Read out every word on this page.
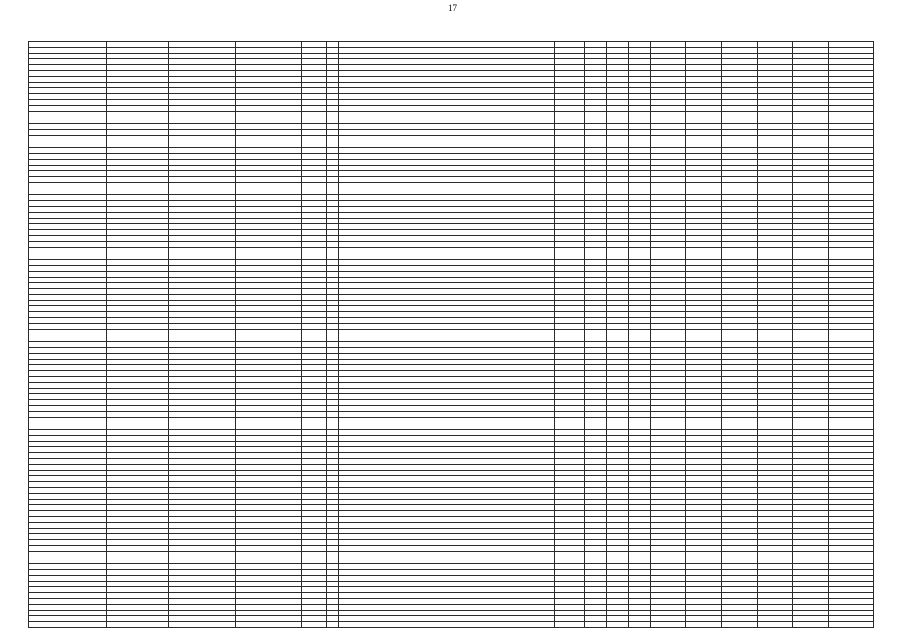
17
